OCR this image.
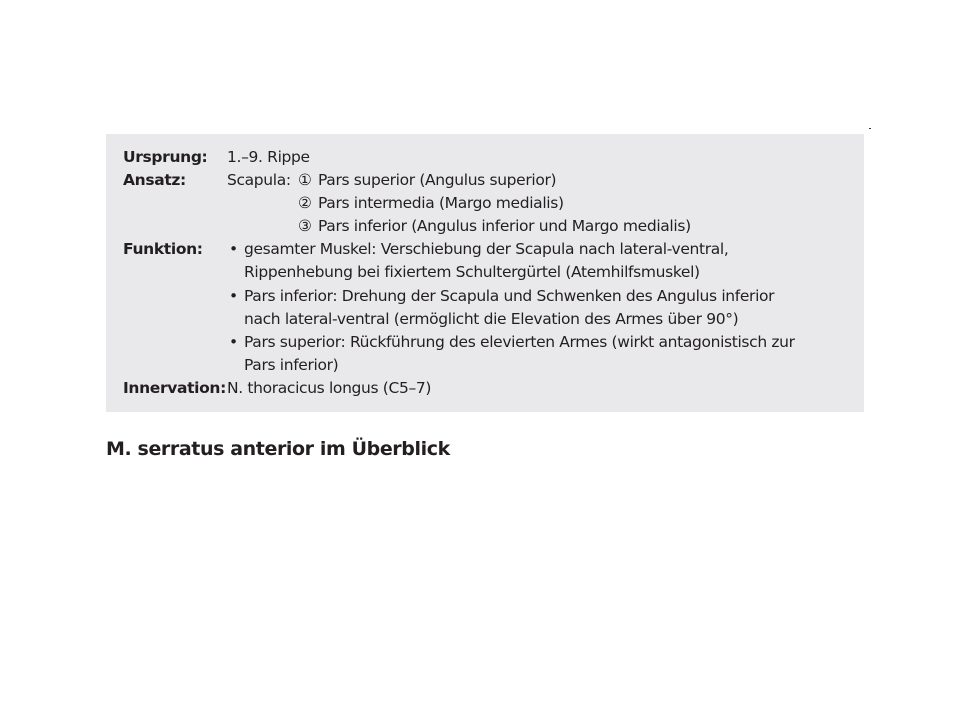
Ursprung: 1.–9. Rippe
Ansatz:	Scapula: ① Pars superior (Angulus superior)
② Pars intermedia (Margo medialis)
③ Pars inferior (Angulus inferior und Margo medialis)
Funktion: • gesamter Muskel: Verschiebung der Scapula nach lateral-ventral,
Rippenhebung bei fixiertem Schultergürtel (Atemhilfsmuskel)
• Pars inferior: Drehung der Scapula und Schwenken des Angulus inferior
nach lateral-ventral (ermöglicht die Elevation des Armes über 90°)
• Pars superior: Rückführung des elevierten Armes (wirkt antagonistisch zur
Pars inferior)
Innervation: N. thoracicus longus (C5–7)
M. serratus anterior im Überblick
